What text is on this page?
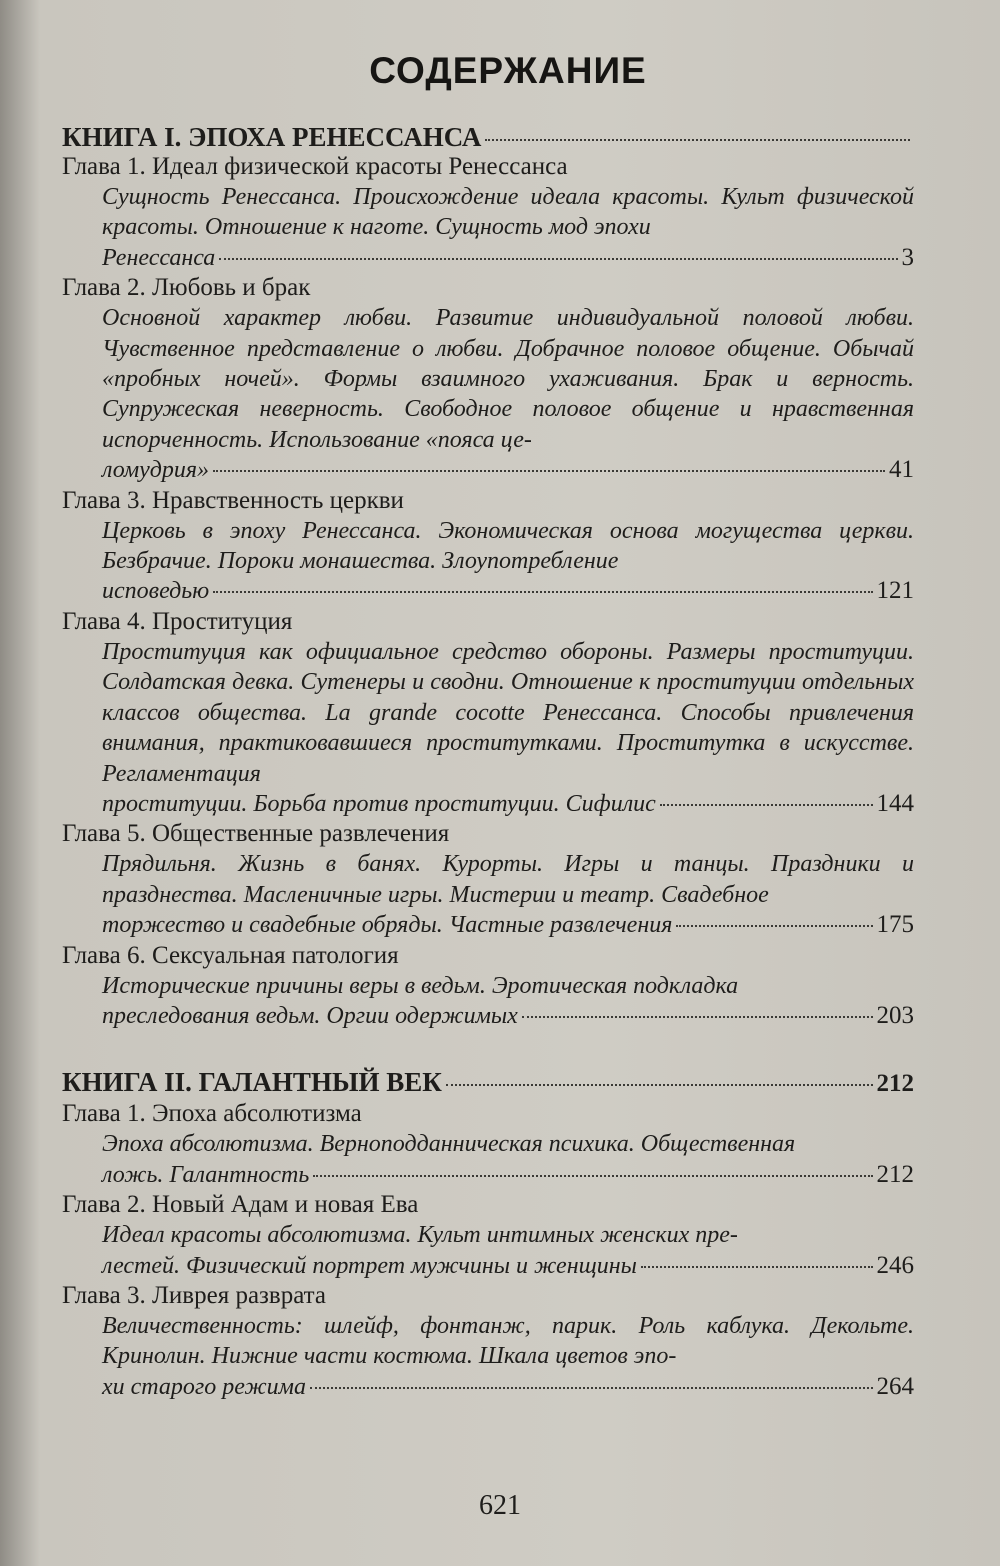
СОДЕРЖАНИЕ
КНИГА I. ЭПОХА РЕНЕССАНСА
Глава 1. Идеал физической красоты Ренессанса
Сущность Ренессанса. Происхождение идеала красоты. Культ физической красоты. Отношение к наготе. Сущность мод эпохи
Ренессанса	3
Глава 2. Любовь и брак
Основной характер любви. Развитие индивидуальной половой любви. Чувственное представление о любви. Добрачное половое общение. Обычай «пробных ночей». Формы взаимного ухаживания. Брак и верность. Супружеская неверность. Свободное половое общение и нравственная испорченность. Использование «пояса це-
ломудрия»	41
Глава 3. Нравственность церкви
Церковь в эпоху Ренессанса. Экономическая основа могущества церкви. Безбрачие. Пороки монашества. Злоупотребление
исповедью	121
Глава 4. Проституция
Проституция как официальное средство обороны. Размеры проституции. Солдатская девка. Сутенеры и сводни. Отношение к проституции отдельных классов общества. La grande cocotte Ренессанса. Способы привлечения внимания, практиковавшиеся проститутками. Проститутка в искусстве. Регламентация
проституции. Борьба против проституции. Сифилис	144
Глава 5. Общественные развлечения
Прядильня. Жизнь в банях. Курорты. Игры и танцы. Праздники и празднества. Масленичные игры. Мистерии и театр. Свадебное
торжество и свадебные обряды. Частные развлечения	175
Глава 6. Сексуальная патология
Исторические причины веры в ведьм. Эротическая подкладка
преследования ведьм. Оргии одержимых	203
КНИГА II. ГАЛАНТНЫЙ ВЕК	212
Глава 1. Эпоха абсолютизма
Эпоха абсолютизма. Верноподданническая психика. Общественная
ложь. Галантность	212
Глава 2. Новый Адам и новая Ева
Идеал красоты абсолютизма. Культ интимных женских пре-
лестей. Физический портрет мужчины и женщины	246
Глава 3. Ливрея разврата
Величественность: шлейф, фонтанж, парик. Роль каблука. Декольте. Кринолин. Нижние части костюма. Шкала цветов эпо-
хи старого режима	264
621
